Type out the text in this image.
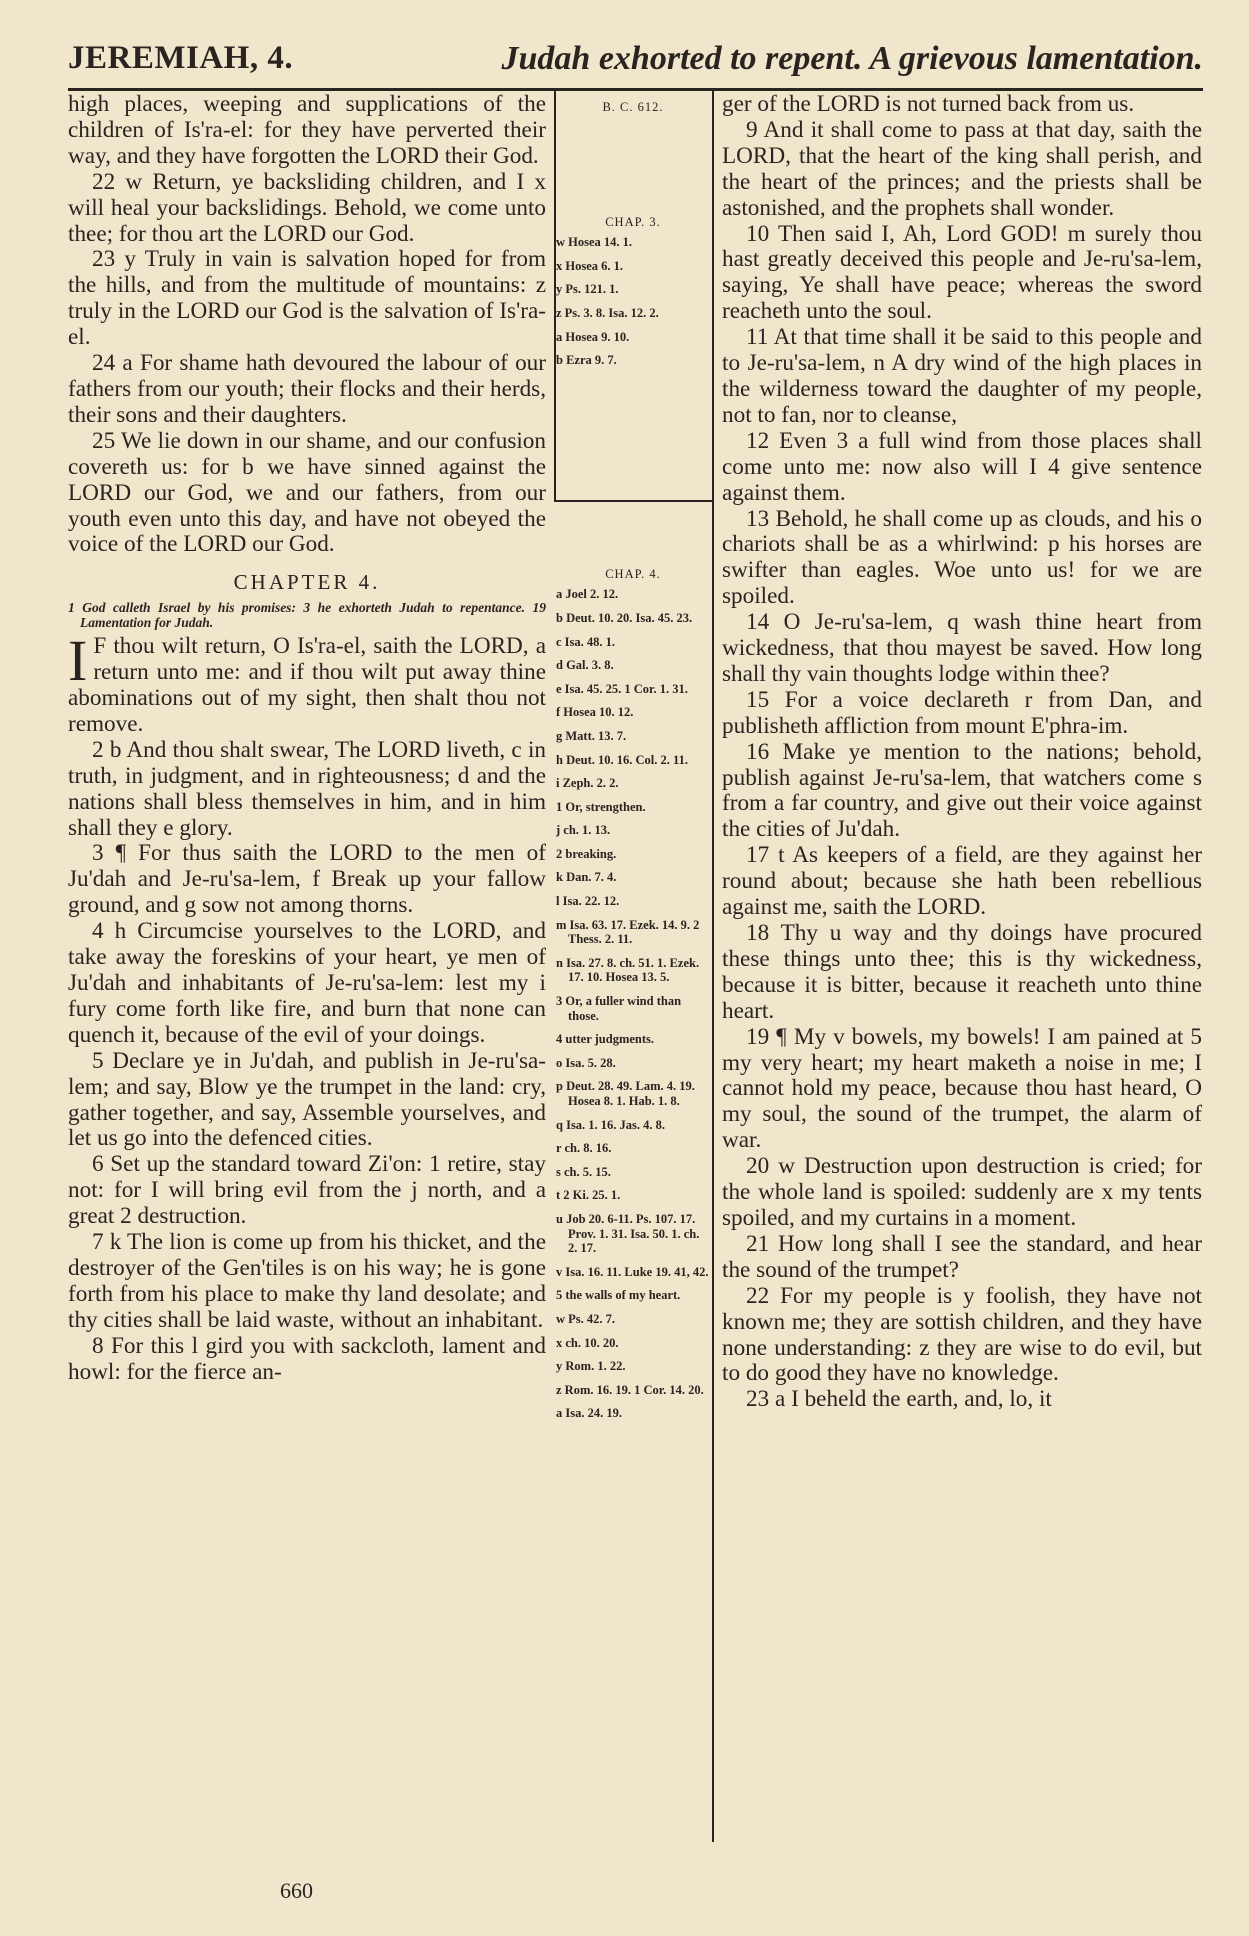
JEREMIAH, 4.	Judah exhorted to repent. A grievous lamentation.

high places, weeping and supplications of the children of Is'ra-el: for they have perverted their way, and they have forgotten the LORD their God.

22 w Return, ye backsliding children, and I x will heal your backslidings. Behold, we come unto thee; for thou art the LORD our God.

23 y Truly in vain is salvation hoped for from the hills, and from the multitude of mountains: z truly in the LORD our God is the salvation of Is'ra-el.

24 a For shame hath devoured the labour of our fathers from our youth; their flocks and their herds, their sons and their daughters.

25 We lie down in our shame, and our confusion covereth us: for b we have sinned against the LORD our God, we and our fathers, from our youth even unto this day, and have not obeyed the voice of the LORD our God.

CHAPTER 4.
1 God calleth Israel by his promises: 3 he exhorteth Judah to repentance. 19 Lamentation for Judah.

I F thou wilt return, O Is'ra-el, saith the LORD, a return unto me: and if thou wilt put away thine abominations out of my sight, then shalt thou not remove.

2 b And thou shalt swear, The LORD liveth, c in truth, in judgment, and in righteousness; d and the nations shall bless themselves in him, and in him shall they e glory.

3 ¶ For thus saith the LORD to the men of Ju'dah and Je-ru'sa-lem, f Break up your fallow ground, and g sow not among thorns.

4 h Circumcise yourselves to the LORD, and take away the foreskins of your heart, ye men of Ju'dah and inhabitants of Je-ru'sa-lem: lest my i fury come forth like fire, and burn that none can quench it, because of the evil of your doings.

5 Declare ye in Ju'dah, and publish in Je-ru'sa-lem; and say, Blow ye the trumpet in the land: cry, gather together, and say, Assemble yourselves, and let us go into the defenced cities.

6 Set up the standard toward Zi'on: 1 retire, stay not: for I will bring evil from the j north, and a great 2 destruction.

7 k The lion is come up from his thicket, and the destroyer of the Gen'tiles is on his way; he is gone forth from his place to make thy land desolate; and thy cities shall be laid waste, without an inhabitant.

8 For this l gird you with sackcloth, lament and howl: for the fierce an-

B. C. 612.
CHAP. 3.
w Hosea 14. 1.
x Hosea 6. 1.
y Ps. 121. 1.
z Ps. 3. 8. Isa. 12. 2.
a Hosea 9. 10.
b Ezra 9. 7.
CHAP. 4.
a Joel 2. 12.
b Deut. 10. 20. Isa. 45. 23.
c Isa. 48. 1.
d Gal. 3. 8.
e Isa. 45. 25. 1 Cor. 1. 31.
f Hosea 10. 12.
g Matt. 13. 7.
h Deut. 10. 16. Col. 2. 11.
i Zeph. 2. 2.
1 Or, strengthen.
j ch. 1. 13.
2 breaking.
k Dan. 7. 4.
l Isa. 22. 12.
m Isa. 63. 17. Ezek. 14. 9. 2 Thess. 2. 11.
n Isa. 27. 8. ch. 51. 1. Ezek. 17. 10. Hosea 13. 5.
3 Or, a fuller wind than those.
4 utter judgments.
o Isa. 5. 28.
p Deut. 28. 49. Lam. 4. 19. Hosea 8. 1. Hab. 1. 8.
q Isa. 1. 16. Jas. 4. 8.
r ch. 8. 16.
s ch. 5. 15.
t 2 Ki. 25. 1.
u Job 20. 6-11. Ps. 107. 17. Prov. 1. 31. Isa. 50. 1. ch. 2. 17.
v Isa. 16. 11. Luke 19. 41, 42.
5 the walls of my heart.
w Ps. 42. 7.
x ch. 10. 20.
y Rom. 1. 22.
z Rom. 16. 19. 1 Cor. 14. 20.
a Isa. 24. 19.

ger of the LORD is not turned back from us.

9 And it shall come to pass at that day, saith the LORD, that the heart of the king shall perish, and the heart of the princes; and the priests shall be astonished, and the prophets shall wonder.

10 Then said I, Ah, Lord GOD! m surely thou hast greatly deceived this people and Je-ru'sa-lem, saying, Ye shall have peace; whereas the sword reacheth unto the soul.

11 At that time shall it be said to this people and to Je-ru'sa-lem, n A dry wind of the high places in the wilderness toward the daughter of my people, not to fan, nor to cleanse,

12 Even 3 a full wind from those places shall come unto me: now also will I 4 give sentence against them.

13 Behold, he shall come up as clouds, and his o chariots shall be as a whirlwind: p his horses are swifter than eagles. Woe unto us! for we are spoiled.

14 O Je-ru'sa-lem, q wash thine heart from wickedness, that thou mayest be saved. How long shall thy vain thoughts lodge within thee?

15 For a voice declareth r from Dan, and publisheth affliction from mount E'phra-im.

16 Make ye mention to the nations; behold, publish against Je-ru'sa-lem, that watchers come s from a far country, and give out their voice against the cities of Ju'dah.

17 t As keepers of a field, are they against her round about; because she hath been rebellious against me, saith the LORD.

18 Thy u way and thy doings have procured these things unto thee; this is thy wickedness, because it is bitter, because it reacheth unto thine heart.

19 ¶ My v bowels, my bowels! I am pained at 5 my very heart; my heart maketh a noise in me; I cannot hold my peace, because thou hast heard, O my soul, the sound of the trumpet, the alarm of war.

20 w Destruction upon destruction is cried; for the whole land is spoiled: suddenly are x my tents spoiled, and my curtains in a moment.

21 How long shall I see the standard, and hear the sound of the trumpet?

22 For my people is y foolish, they have not known me; they are sottish children, and they have none understanding: z they are wise to do evil, but to do good they have no knowledge.

23 a I beheld the earth, and, lo, it

660
